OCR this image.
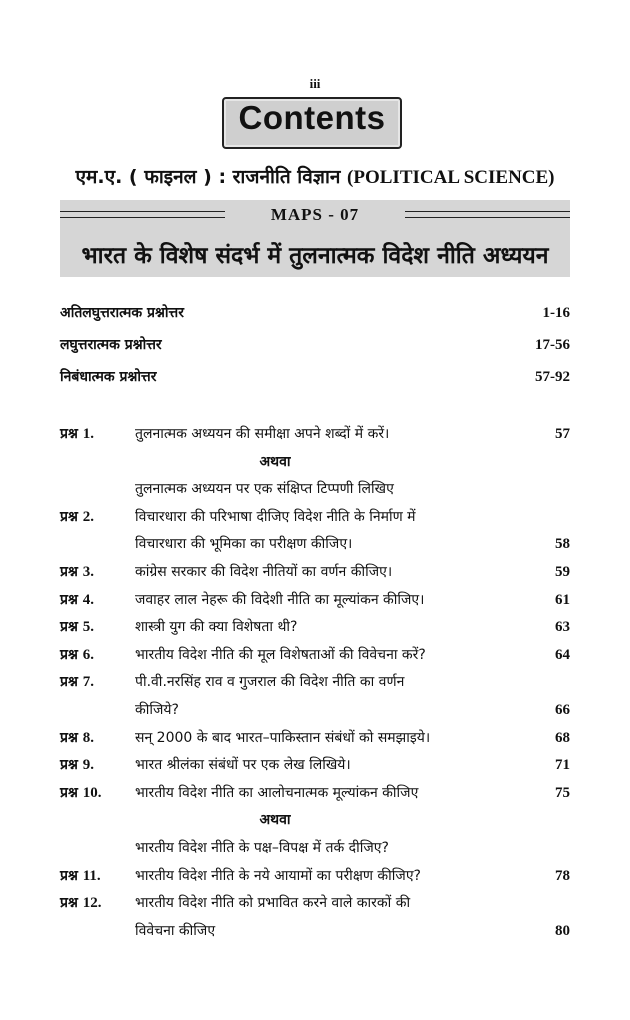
iii
Contents
एम.ए. ( फाइनल ) : राजनीति विज्ञान (POLITICAL SCIENCE)
MAPS - 07
भारत के विशेष संदर्भ में तुलनात्मक विदेश नीति अध्ययन
अतिलघुत्तरात्मक प्रश्नोत्तर	1-16
लघुत्तरात्मक प्रश्नोत्तर	17-56
निबंधात्मक प्रश्नोत्तर	57-92
प्रश्न 1.	तुलनात्मक अध्ययन की समीक्षा अपने शब्दों में करें।	57
अथवा
तुलनात्मक अध्ययन पर एक संक्षिप्त टिप्पणी लिखिए
प्रश्न 2.	विचारधारा की परिभाषा दीजिए विदेश नीति के निर्माण में
विचारधारा की भूमिका का परीक्षण कीजिए।	58
प्रश्न 3.	कांग्रेस सरकार की विदेश नीतियों का वर्णन कीजिए।	59
प्रश्न 4.	जवाहर लाल नेहरू की विदेशी नीति का मूल्यांकन कीजिए।	61
प्रश्न 5.	शास्त्री युग की क्या विशेषता थी?	63
प्रश्न 6.	भारतीय विदेश नीति की मूल विशेषताओं की विवेचना करें?	64
प्रश्न 7.	पी.वी.नरसिंह राव व गुजराल की विदेश नीति का वर्णन
कीजिये?	66
प्रश्न 8.	सन् 2000 के बाद भारत–पाकिस्तान संबंधों को समझाइये।	68
प्रश्न 9.	भारत श्रीलंका संबंधों पर एक लेख लिखिये।	71
प्रश्न 10.	भारतीय विदेश नीति का आलोचनात्मक मूल्यांकन कीजिए	75
अथवा
भारतीय विदेश नीति के पक्ष–विपक्ष में तर्क दीजिए?
प्रश्न 11.	भारतीय विदेश नीति के नये आयामों का परीक्षण कीजिए?	78
प्रश्न 12.	भारतीय विदेश नीति को प्रभावित करने वाले कारकों की
विवेचना कीजिए	80
